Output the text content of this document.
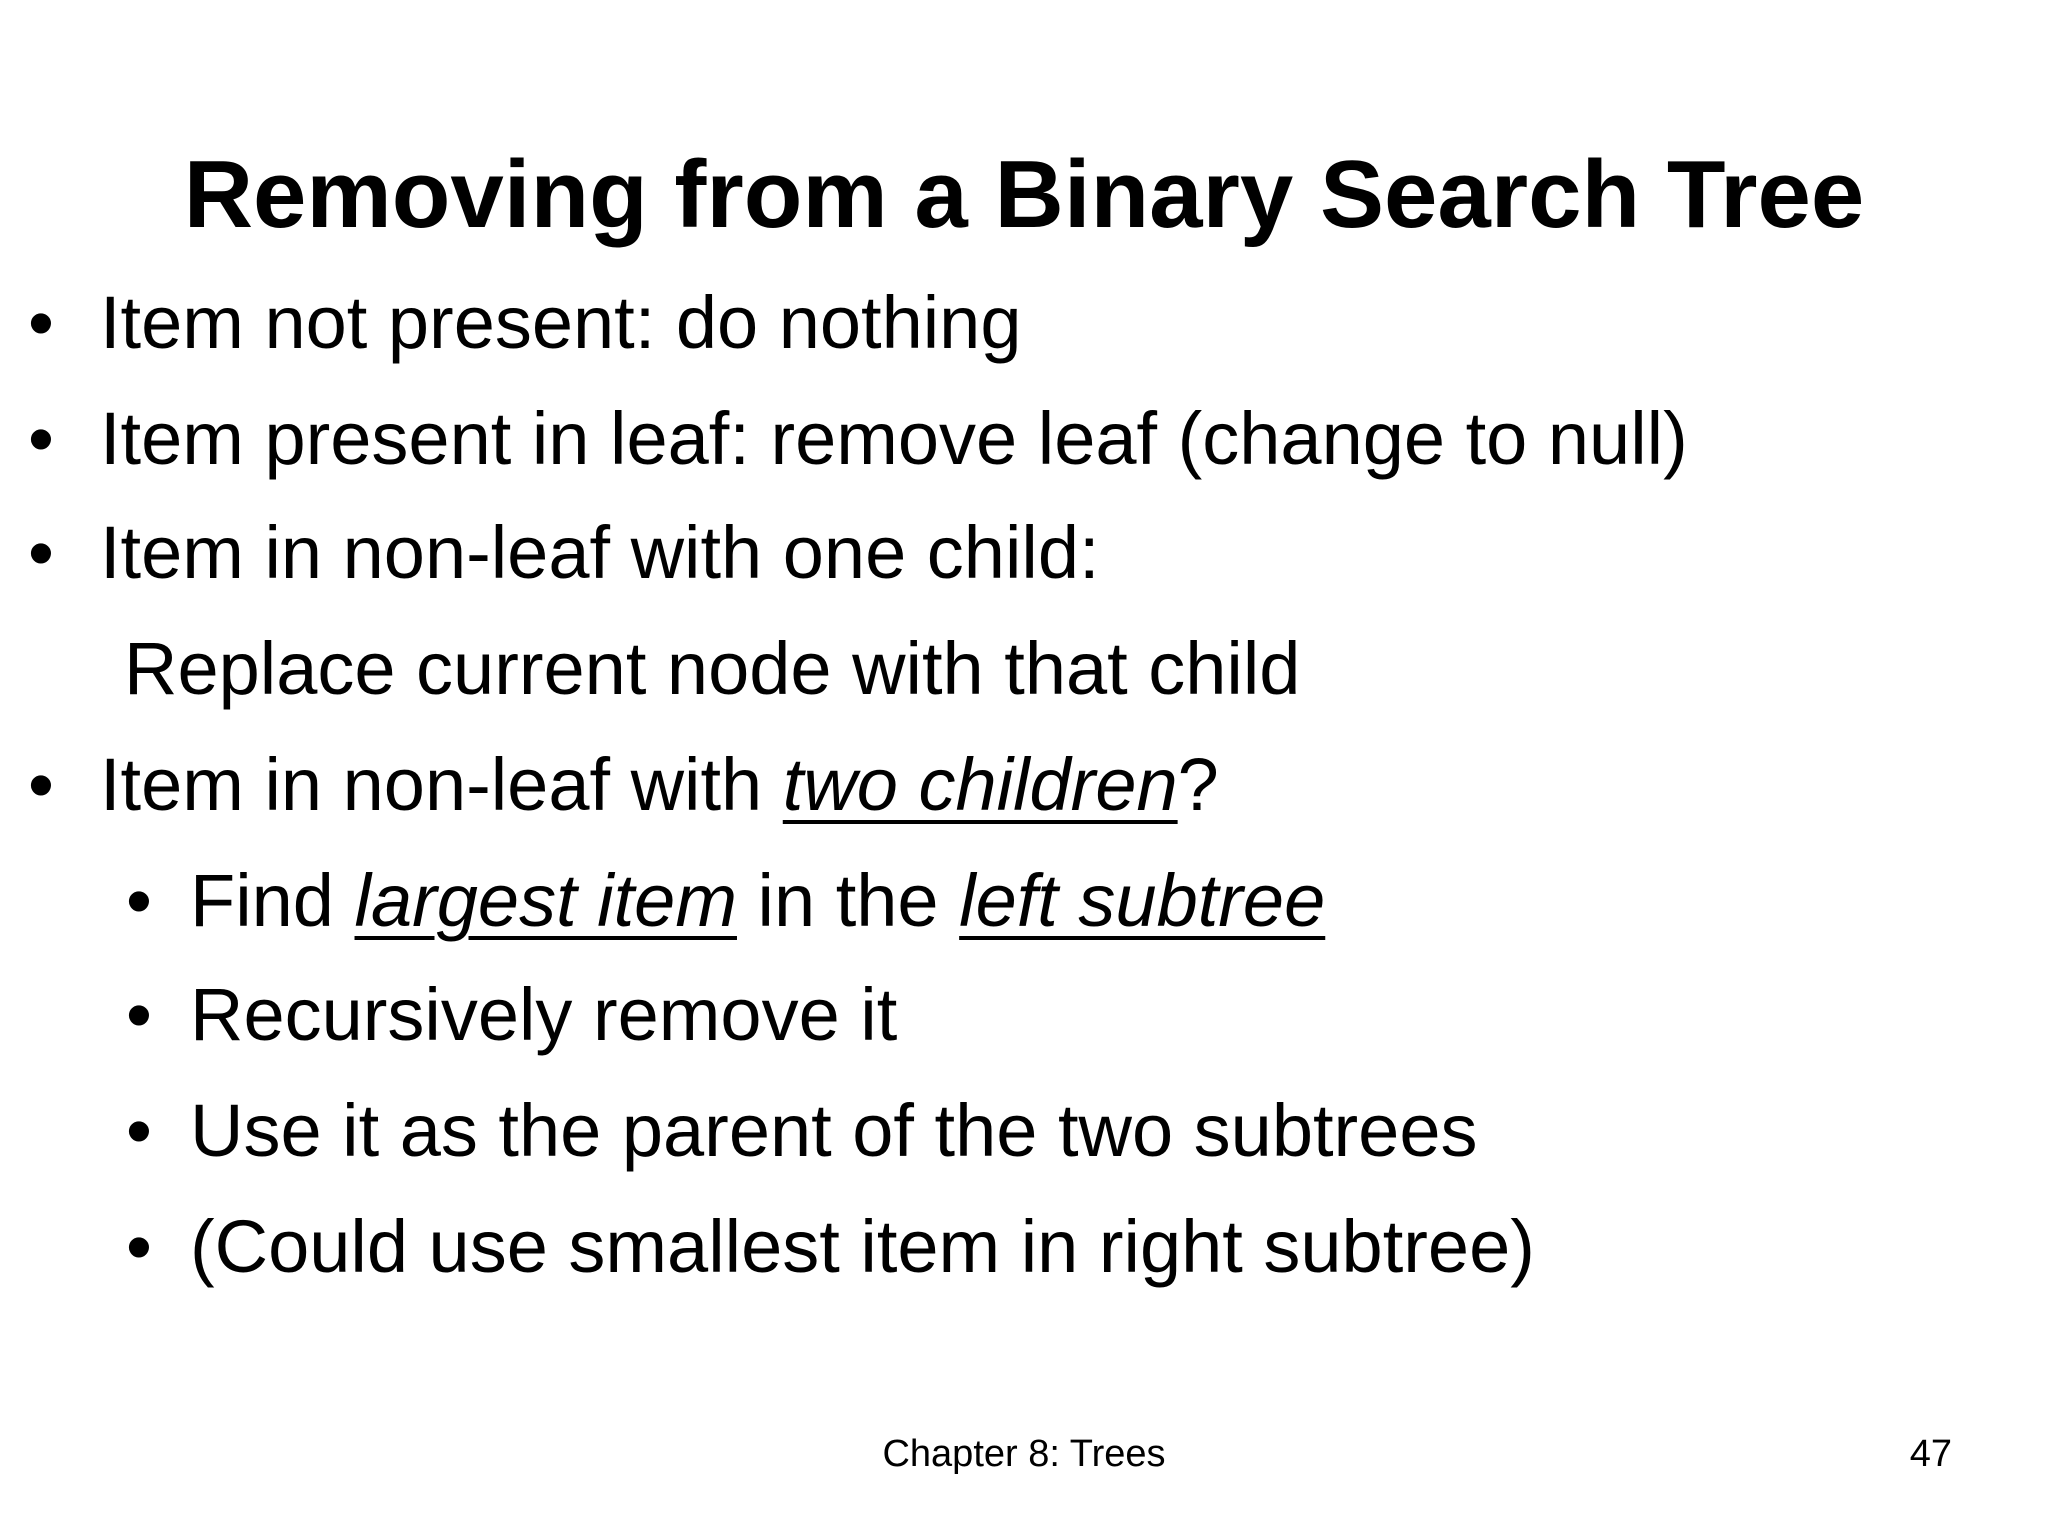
Removing from a Binary Search Tree
• Item not present: do nothing
• Item present in leaf: remove leaf (change to null)
• Item in non-leaf with one child:
Replace current node with that child
• Item in non-leaf with two children?
• Find largest item in the left subtree
• Recursively remove it
• Use it as the parent of the two subtrees
• (Could use smallest item in right subtree)
Chapter 8: Trees	47
